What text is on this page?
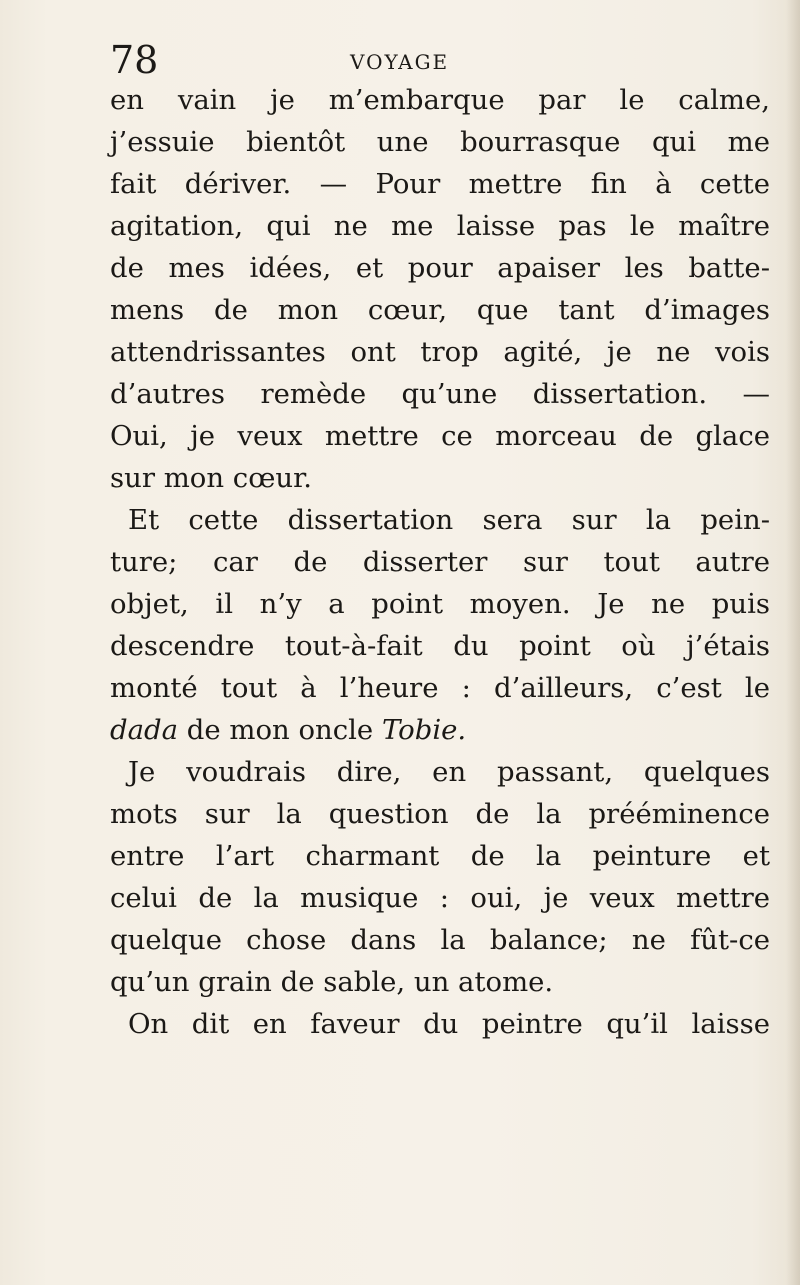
78	VOYAGE
en vain je m’embarque par le calme,
j’essuie bientôt une bourrasque qui me
fait dériver. — Pour mettre fin à cette
agitation, qui ne me laisse pas le maître
de mes idées, et pour apaiser les batte-
mens de mon cœur, que tant d’images
attendrissantes ont trop agité, je ne vois
d’autres remède qu’une dissertation. —
Oui, je veux mettre ce morceau de glace
sur mon cœur.
Et cette dissertation sera sur la pein-
ture; car de disserter sur tout autre
objet, il n’y a point moyen. Je ne puis
descendre tout-à-fait du point où j’étais
monté tout à l’heure : d’ailleurs, c’est le
dada de mon oncle Tobie.
Je voudrais dire, en passant, quelques
mots sur la question de la prééminence
entre l’art charmant de la peinture et
celui de la musique : oui, je veux mettre
quelque chose dans la balance; ne fût-ce
qu’un grain de sable, un atome.
On dit en faveur du peintre qu’il laisse
